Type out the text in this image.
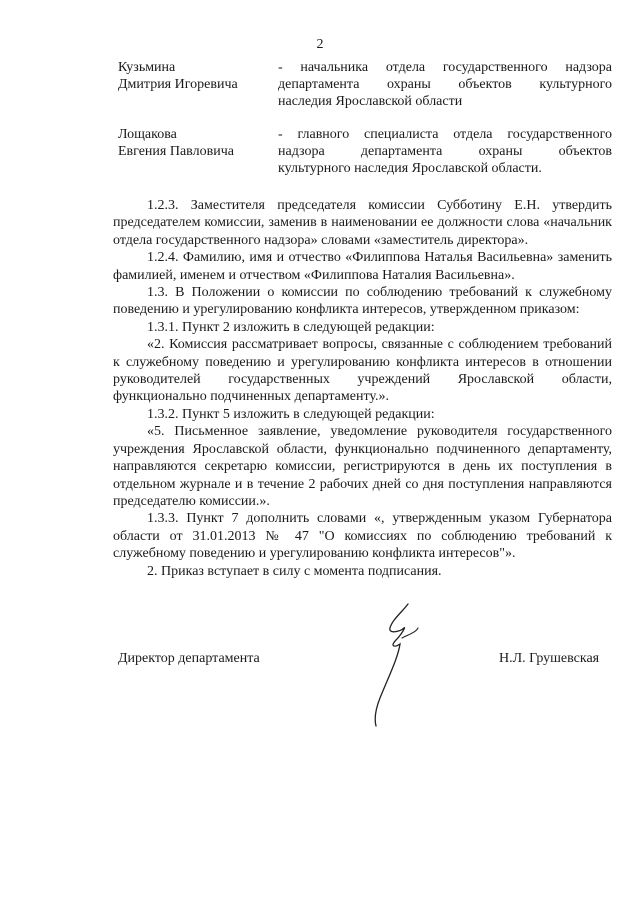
2
Кузьмина
Дмитрия Игоревича
- начальника отдела государственного надзора
департамента охраны объектов культурного
наследия Ярославской области
Лощакова
Евгения Павловича
- главного специалиста отдела государственного
надзора департамента охраны объектов
культурного наследия Ярославской области.

1.2.3. Заместителя председателя комиссии Субботину Е.Н. утвердить председателем комиссии, заменив в наименовании ее должности слова «начальник отдела государственного надзора» словами «заместитель директора».

1.2.4. Фамилию, имя и отчество «Филиппова Наталья Васильевна» заменить фамилией, именем и отчеством «Филиппова Наталия Васильевна».

1.3. В Положении о комиссии по соблюдению требований к служебному поведению и урегулированию конфликта интересов, утвержденном приказом:

1.3.1. Пункт 2 изложить в следующей редакции:

«2. Комиссия рассматривает вопросы, связанные с соблюдением требований к служебному поведению и урегулированию конфликта интересов в отношении руководителей государственных учреждений Ярославской области, функционально подчиненных департаменту.».

1.3.2. Пункт 5 изложить в следующей редакции:

«5. Письменное заявление, уведомление руководителя государственного учреждения Ярославской области, функционально подчиненного департаменту, направляются секретарю комиссии, регистрируются в день их поступления в отдельном журнале и в течение 2 рабочих дней со дня поступления направляются председателю комиссии.».

1.3.3. Пункт 7 дополнить словами «, утвержденным указом Губернатора области от 31.01.2013 № 47 "О комиссиях по соблюдению требований к служебному поведению и урегулированию конфликта интересов"».

2. Приказ вступает в силу с момента подписания.

Директор департамента	Н.Л. Грушевская
